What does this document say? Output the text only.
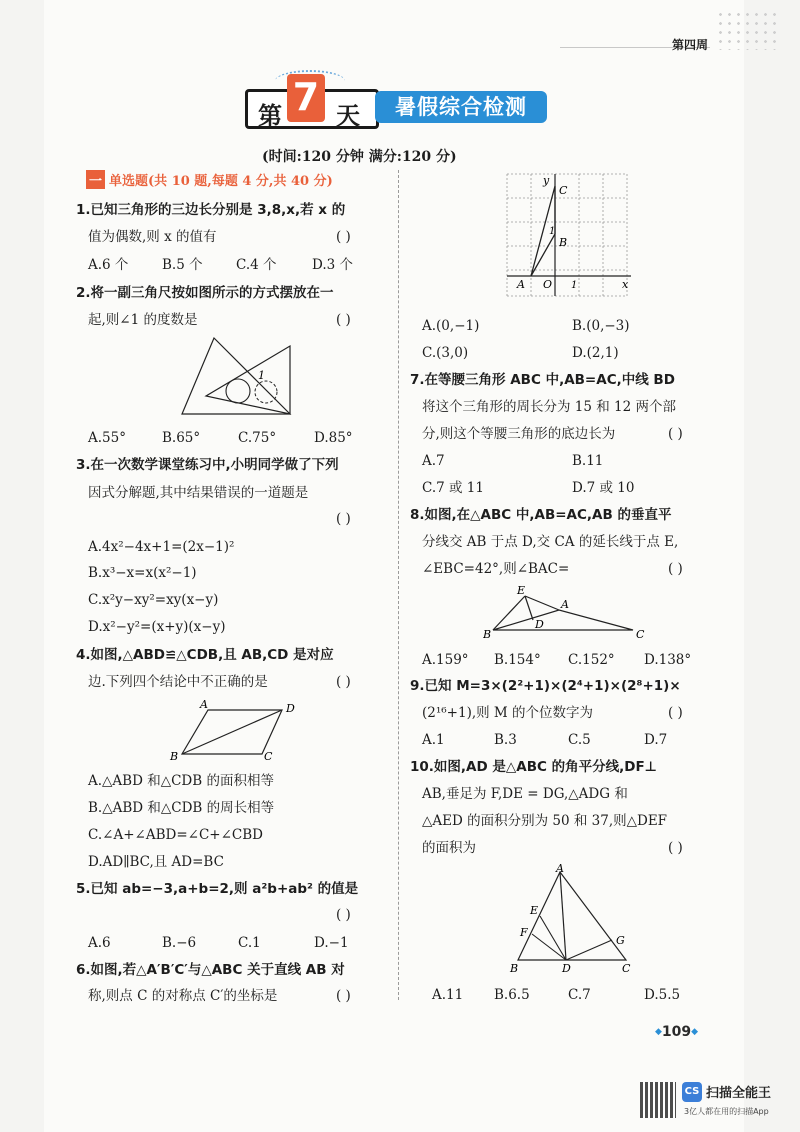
第四周
第 天
7	暑假综合检测
(时间:120 分钟 满分:120 分)
一 单选题(共 10 题,每题 4 分,共 40 分)
1.已知三角形的三边长分别是 3,8,x,若 x 的
值为偶数,则 x 的值有	( )
A.6 个 B.5 个 C.4 个	D.3 个
2.将一副三角尺按如图所示的方式摆放在一
起,则∠1 的度数是	( )
1
A.55°	B.65°	C.75°	D.85°
3.在一次数学课堂练习中,小明同学做了下列
因式分解题,其中结果错误的一道题是
( )
A.4x²−4x+1=(2x−1)²
B.x³−x=x(x²−1)
C.x²y−xy²=xy(x−y)
D.x²−y²=(x+y)(x−y)
4.如图,△ABD≌△CDB,且 AB,CD 是对应
边.下列四个结论中不正确的是	( )
A	D
B	C
A.△ABD 和△CDB 的面积相等
B.△ABD 和△CDB 的周长相等
C.∠A+∠ABD=∠C+∠CBD
D.AD∥BC,且 AD=BC
5.已知 ab=−3,a+b=2,则 a²b+ab² 的值是
( )
A.6	B.−6	C.1	D.−1
6.如图,若△A′B′C′与△ABC 关于直线 AB 对
称,则点 C 的对称点 C′的坐标是	( )
y
C
B
1
A O 1	x
A.(0,−1)	B.(0,−3)
C.(3,0)	D.(2,1)
7.在等腰三角形 ABC 中,AB=AC,中线 BD
将这个三角形的周长分为 15 和 12 两个部
分,则这个等腰三角形的底边长为	( )
A.7	B.11
C.7 或 11	D.7 或 10
8.如图,在△ABC 中,AB=AC,AB 的垂直平
分线交 AB 于点 D,交 CA 的延长线于点 E,
∠EBC=42°,则∠BAC=	( )
E
A
D
B	C
A.159° B.154° C.152° D.138°
9.已知 M=3×(2²+1)×(2⁴+1)×(2⁸+1)×
(2¹⁶+1),则 M 的个位数字为	( )
A.1	B.3	C.5	D.7
10.如图,AD 是△ABC 的角平分线,DF⊥
AB,垂足为 F,DE = DG,△ADG 和
△AED 的面积分别为 50 和 37,则△DEF
的面积为	( )
A
E
F
G
B	D	C
A.11 B.6.5	C.7	D.5.5
◆109◆
CS 扫描全能王
3亿人都在用的扫描App
